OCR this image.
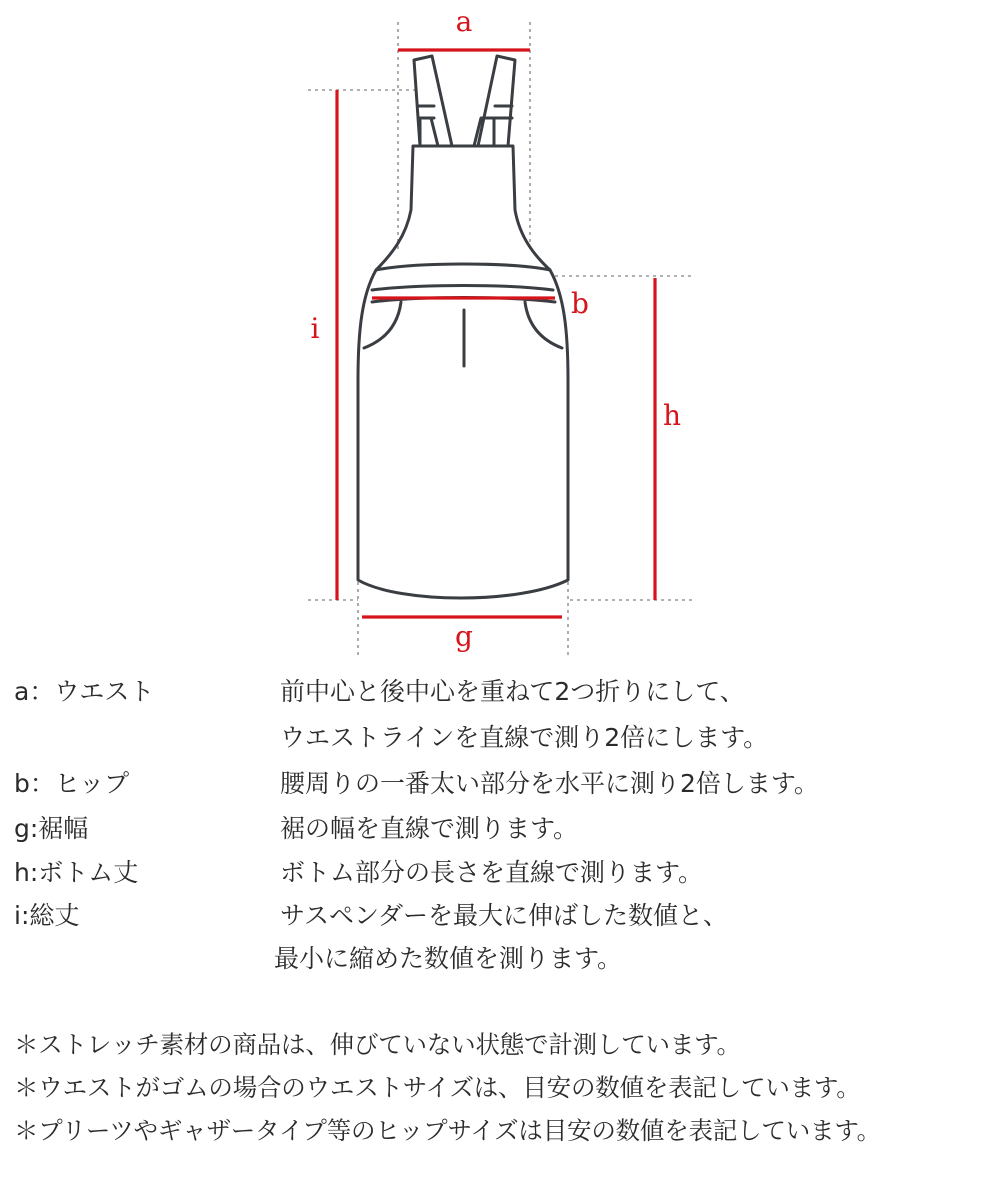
a
b
g
h
i
a：ウエスト	前中心と後中心を重ねて2つ折りにして、
ウエストラインを直線で測り2倍にします。
b：ヒップ	腰周りの一番太い部分を水平に測り2倍します。
g:裾幅	裾の幅を直線で測ります。
h:ボトム丈	ボトム部分の長さを直線で測ります。
i:総丈	サスペンダーを最大に伸ばした数値と、
最小に縮めた数値を測ります。
＊ストレッチ素材の商品は、伸びていない状態で計測しています。
＊ウエストがゴムの場合のウエストサイズは、目安の数値を表記しています。
＊プリーツやギャザータイプ等のヒップサイズは目安の数値を表記しています。
